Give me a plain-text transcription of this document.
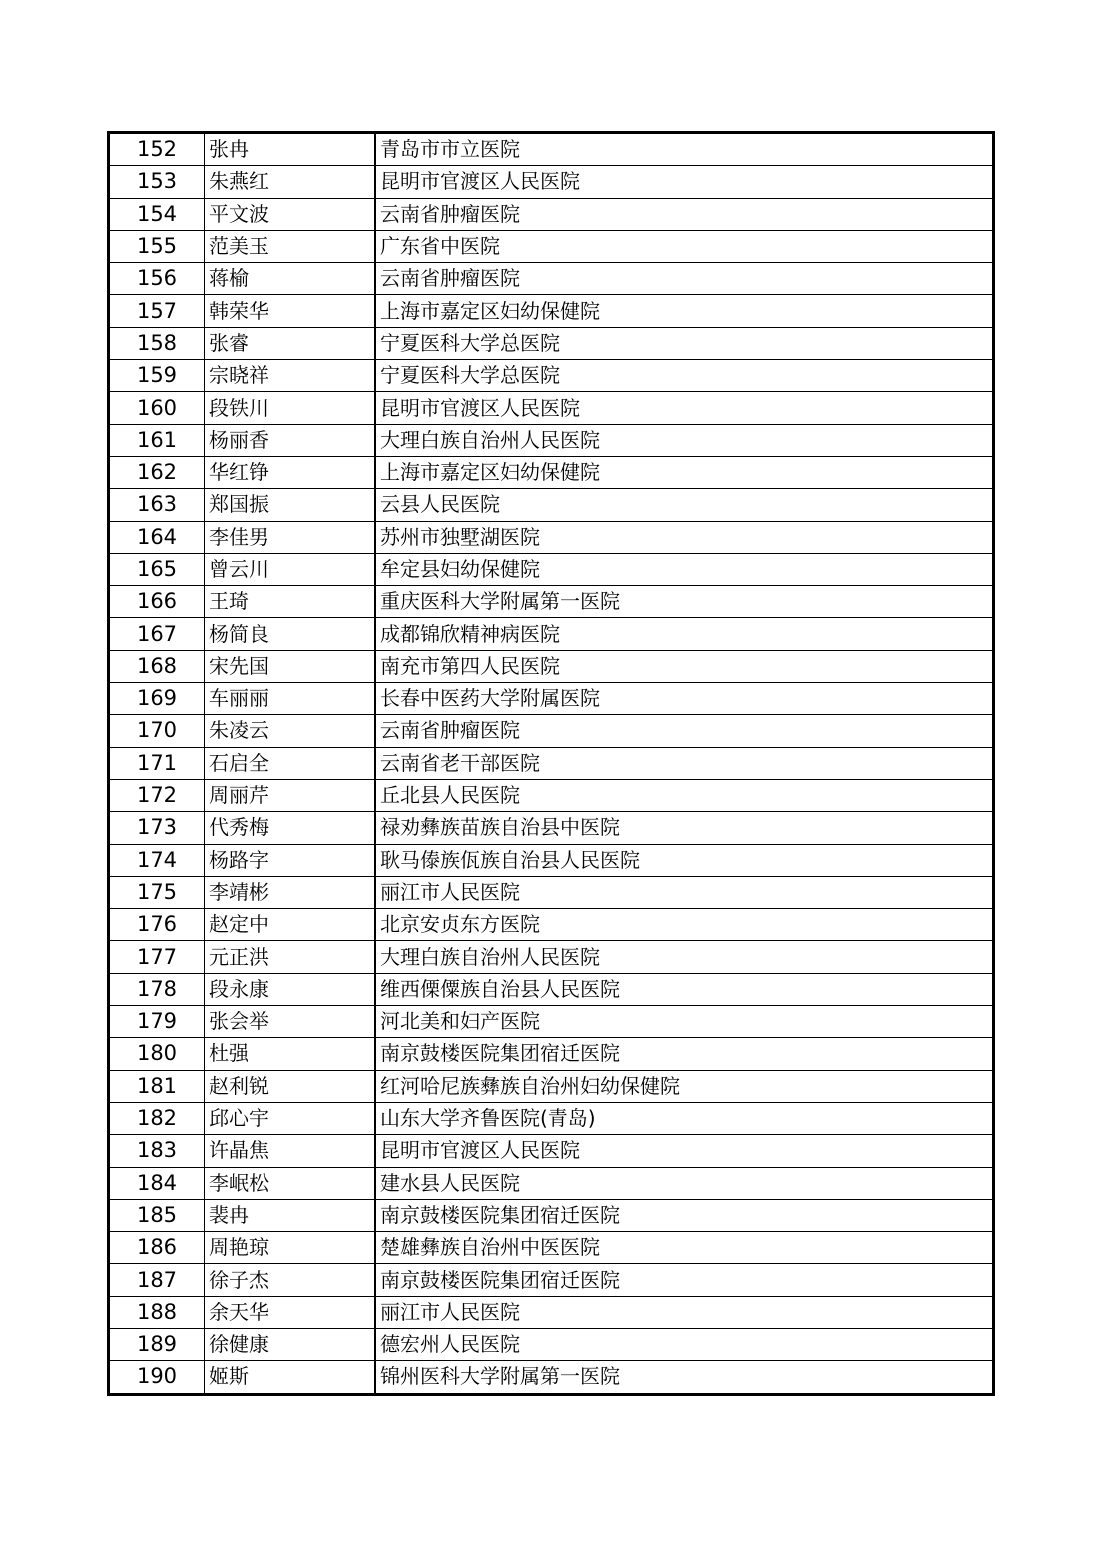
152	张冉	青岛市市立医院
153	朱燕红	昆明市官渡区人民医院
154	平文波	云南省肿瘤医院
155	范美玉	广东省中医院
156	蒋榆	云南省肿瘤医院
157	韩荣华	上海市嘉定区妇幼保健院
158	张睿	宁夏医科大学总医院
159	宗晓祥	宁夏医科大学总医院
160	段铁川	昆明市官渡区人民医院
161	杨丽香	大理白族自治州人民医院
162	华红铮	上海市嘉定区妇幼保健院
163	郑国振	云县人民医院
164	李佳男	苏州市独墅湖医院
165	曾云川	牟定县妇幼保健院
166	王琦	重庆医科大学附属第一医院
167	杨简良	成都锦欣精神病医院
168	宋先国	南充市第四人民医院
169	车丽丽	长春中医药大学附属医院
170	朱凌云	云南省肿瘤医院
171	石启全	云南省老干部医院
172	周丽芹	丘北县人民医院
173	代秀梅	禄劝彝族苗族自治县中医院
174	杨路字	耿马傣族佤族自治县人民医院
175	李靖彬	丽江市人民医院
176	赵定中	北京安贞东方医院
177	元正洪	大理白族自治州人民医院
178	段永康	维西傈僳族自治县人民医院
179	张会举	河北美和妇产医院
180	杜强	南京鼓楼医院集团宿迁医院
181	赵利锐	红河哈尼族彝族自治州妇幼保健院
182	邱心宇	山东大学齐鲁医院(青岛)
183	许晶焦	昆明市官渡区人民医院
184	李岷松	建水县人民医院
185	裴冉	南京鼓楼医院集团宿迁医院
186	周艳琼	楚雄彝族自治州中医医院
187	徐子杰	南京鼓楼医院集团宿迁医院
188	余天华	丽江市人民医院
189	徐健康	德宏州人民医院
190	姬斯	锦州医科大学附属第一医院
